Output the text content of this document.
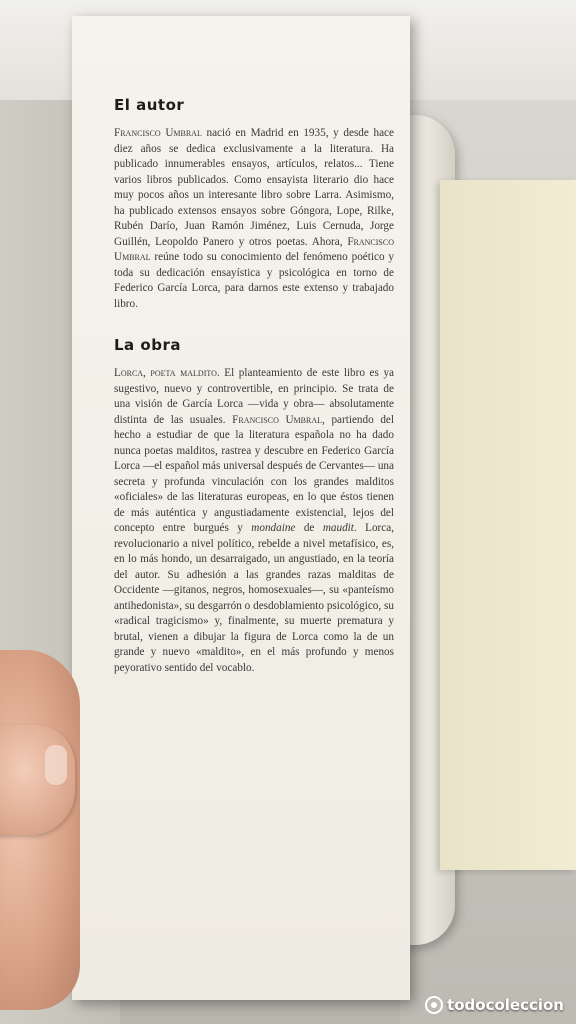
El autor

Francisco Umbral nació en Madrid en 1935, y desde hace diez años se dedica exclusivamente a la literatura. Ha publicado innumerables ensayos, artículos, relatos... Tiene varios libros publicados. Como ensayista literario dio hace muy pocos años un interesante libro sobre Larra. Asimismo, ha publicado extensos ensayos sobre Góngora, Lope, Rilke, Rubén Darío, Juan Ramón Jiménez, Luis Cernuda, Jorge Guillén, Leopoldo Panero y otros poetas. Ahora, Francisco Umbral reúne todo su conocimiento del fenómeno poético y toda su dedicación ensayística y psicológica en torno de Federico García Lorca, para darnos este extenso y trabajado libro.

La obra

Lorca, poeta maldito. El planteamiento de este libro es ya sugestivo, nuevo y controvertible, en principio. Se trata de una visión de García Lorca —vida y obra— absolutamente distinta de las usuales. Francisco Umbral, partiendo del hecho a estudiar de que la literatura española no ha dado nunca poetas malditos, rastrea y descubre en Federico García Lorca —el español más universal después de Cervantes— una secreta y profunda vinculación con los grandes malditos «oficiales» de las literaturas europeas, en lo que éstos tienen de más auténtica y angustiadamente existencial, lejos del concepto entre burgués y mondaine de maudit. Lorca, revolucionario a nivel político, rebelde a nivel metafísico, es, en lo más hondo, un desarraigado, un angustiado, en la teoría del autor. Su adhesión a las grandes razas malditas de Occidente —gitanos, negros, homosexuales—, su «panteísmo antihedonista», su desgarrón o desdoblamiento psicológico, su «radical tragicismo» y, finalmente, su muerte prematura y brutal, vienen a dibujar la figura de Lorca como la de un grande y nuevo «maldito», en el más profundo y menos peyorativo sentido del vocablo.

todocoleccion
